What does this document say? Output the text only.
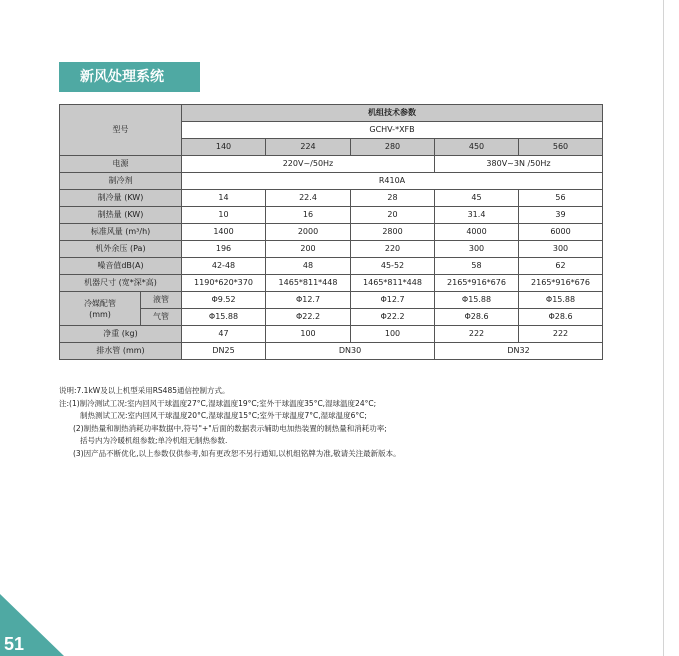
新风处理系统
型号		机组技术参数				
		GCHV-*XFB				
		140	224	280	450	560
电源		220V~/50Hz			380V~3N /50Hz	
制冷剂		R410A				
制冷量 (KW)		14	22.4	28	45	56
制热量 (KW)		10	16	20	31.4	39
标准风量 (m³/h)		1400	2000	2800	4000	6000
机外余压 (Pa)		196	200	220	300	300
噪音值dB(A)		42-48	48	45-52	58	62
机器尺寸 (宽*深*高)		1190*620*370	1465*811*448	1465*811*448	2165*916*676	2165*916*676
冷媒配管
(mm)	液管	Φ9.52	Φ12.7	Φ12.7	Φ15.88	Φ15.88
	气管	Φ15.88	Φ22.2	Φ22.2	Φ28.6	Φ28.6
净重 (kg)		47	100	100	222	222
排水管 (mm)		DN25	DN30		DN32	
说明:7.1kW及以上机型采用RS485通信控制方式。
注:(1)制冷测试工况:室内回风干球温度27°C,湿球温度19°C;室外干球温度35°C,湿球温度24°C;
制热测试工况:室内回风干球温度20°C,湿球温度15°C;室外干球温度7°C,湿球温度6°C;
(2)制热量和制热消耗功率数据中,符号"+"后面的数据表示辅助电加热装置的制热量和消耗功率;
括号内为冷暖机组参数;单冷机组无制热参数.
(3)因产品不断优化,以上参数仅供参考,如有更改恕不另行通知,以机组铭牌为准,敬请关注最新版本。
51
